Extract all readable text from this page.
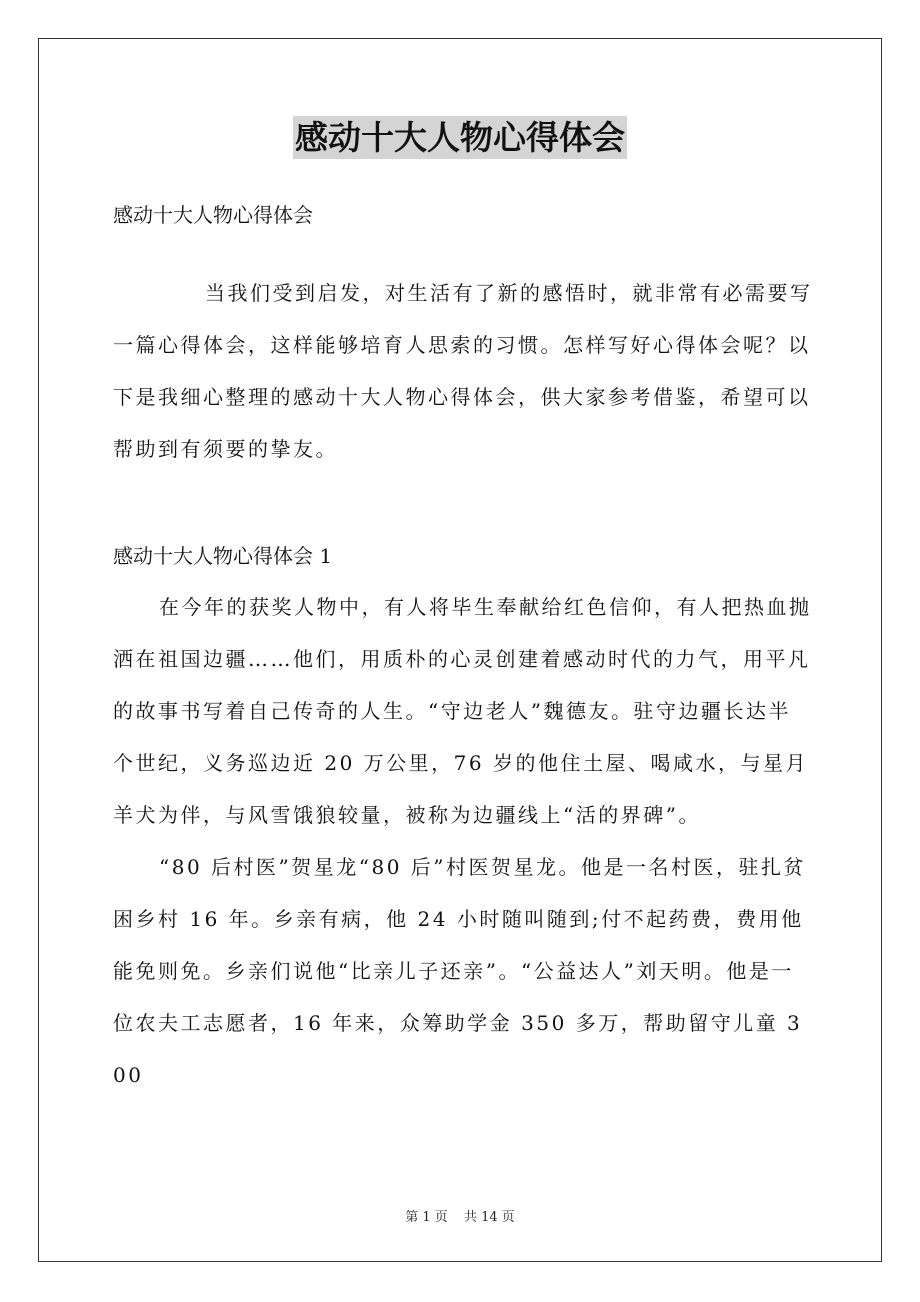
感动十大人物心得体会
感动十大人物心得体会

当我们受到启发，对生活有了新的感悟时，就非常有必需要写一篇心得体会，这样能够培育人思索的习惯。怎样写好心得体会呢？以下是我细心整理的感动十大人物心得体会，供大家参考借鉴，希望可以帮助到有须要的挚友。

感动十大人物心得体会 1

在今年的获奖人物中，有人将毕生奉献给红色信仰，有人把热血抛洒在祖国边疆……他们，用质朴的心灵创建着感动时代的力气，用平凡的故事书写着自己传奇的人生。“守边老人”魏德友。驻守边疆长达半个世纪，义务巡边近 20 万公里，76 岁的他住土屋、喝咸水，与星月羊犬为伴，与风雪饿狼较量，被称为边疆线上“活的界碑”。

“80 后村医”贺星龙“80 后”村医贺星龙。他是一名村医，驻扎贫困乡村 16 年。乡亲有病，他 24 小时随叫随到;付不起药费，费用他能免则免。乡亲们说他“比亲儿子还亲”。“公益达人”刘天明。他是一位农夫工志愿者，16 年来，众筹助学金 350 多万，帮助留守儿童 300

第 1 页 共 14 页
